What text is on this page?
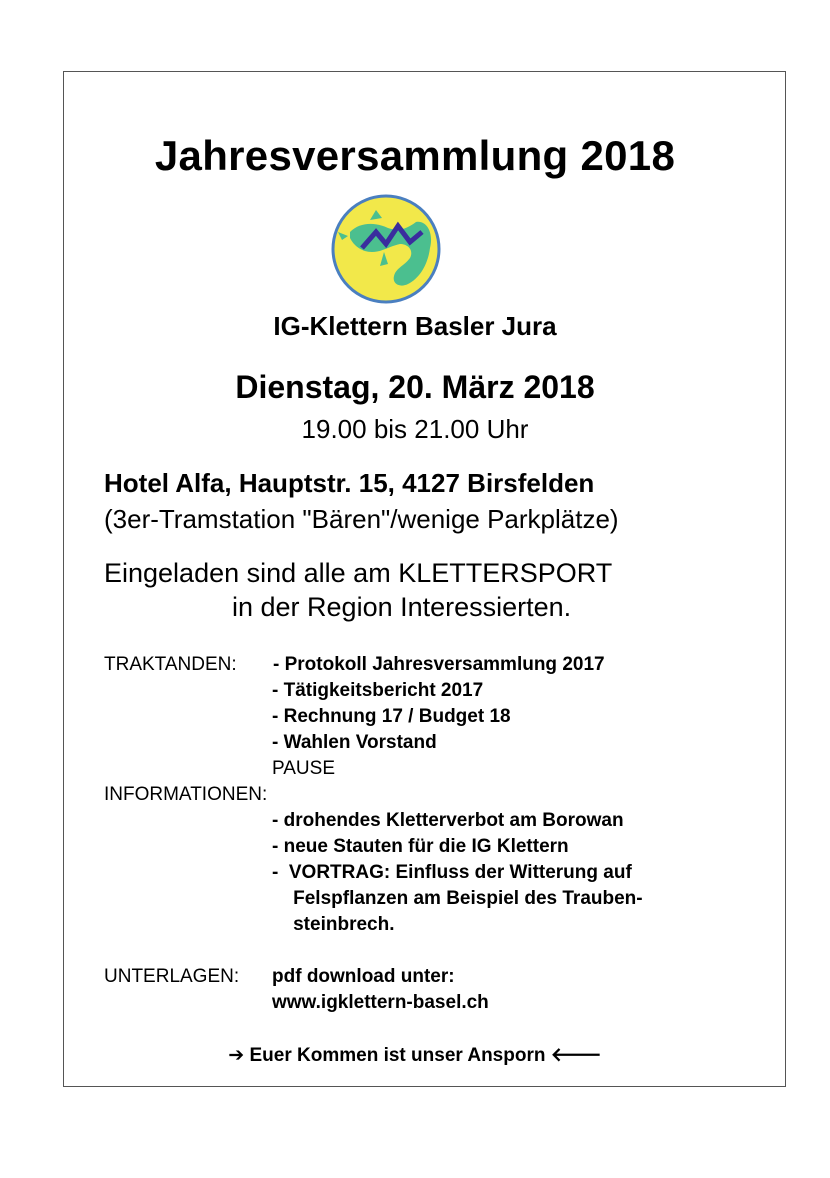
Jahresversammlung 2018
IG-Klettern Basler Jura
Dienstag, 20. März 2018
19.00 bis 21.00 Uhr
Hotel Alfa, Hauptstr. 15, 4127 Birsfelden
(3er-Tramstation "Bären"/wenige Parkplätze)
Eingeladen sind alle am KLETTERSPORT
in der Region Interessierten.
TRAKTANDEN: - Protokoll Jahresversammlung 2017
- Tätigkeitsbericht 2017
- Rechnung 17 / Budget 18
- Wahlen Vorstand
PAUSE
INFORMATIONEN:
- drohendes Kletterverbot am Borowan
- neue Stauten für die IG Klettern
-  VORTRAG: Einfluss der Witterung auf
Felspflanzen am Beispiel des Trauben-
steinbrech.
UNTERLAGEN: pdf download unter:
www.igklettern-basel.ch
➔ Euer Kommen ist unser Ansporn 🡐
